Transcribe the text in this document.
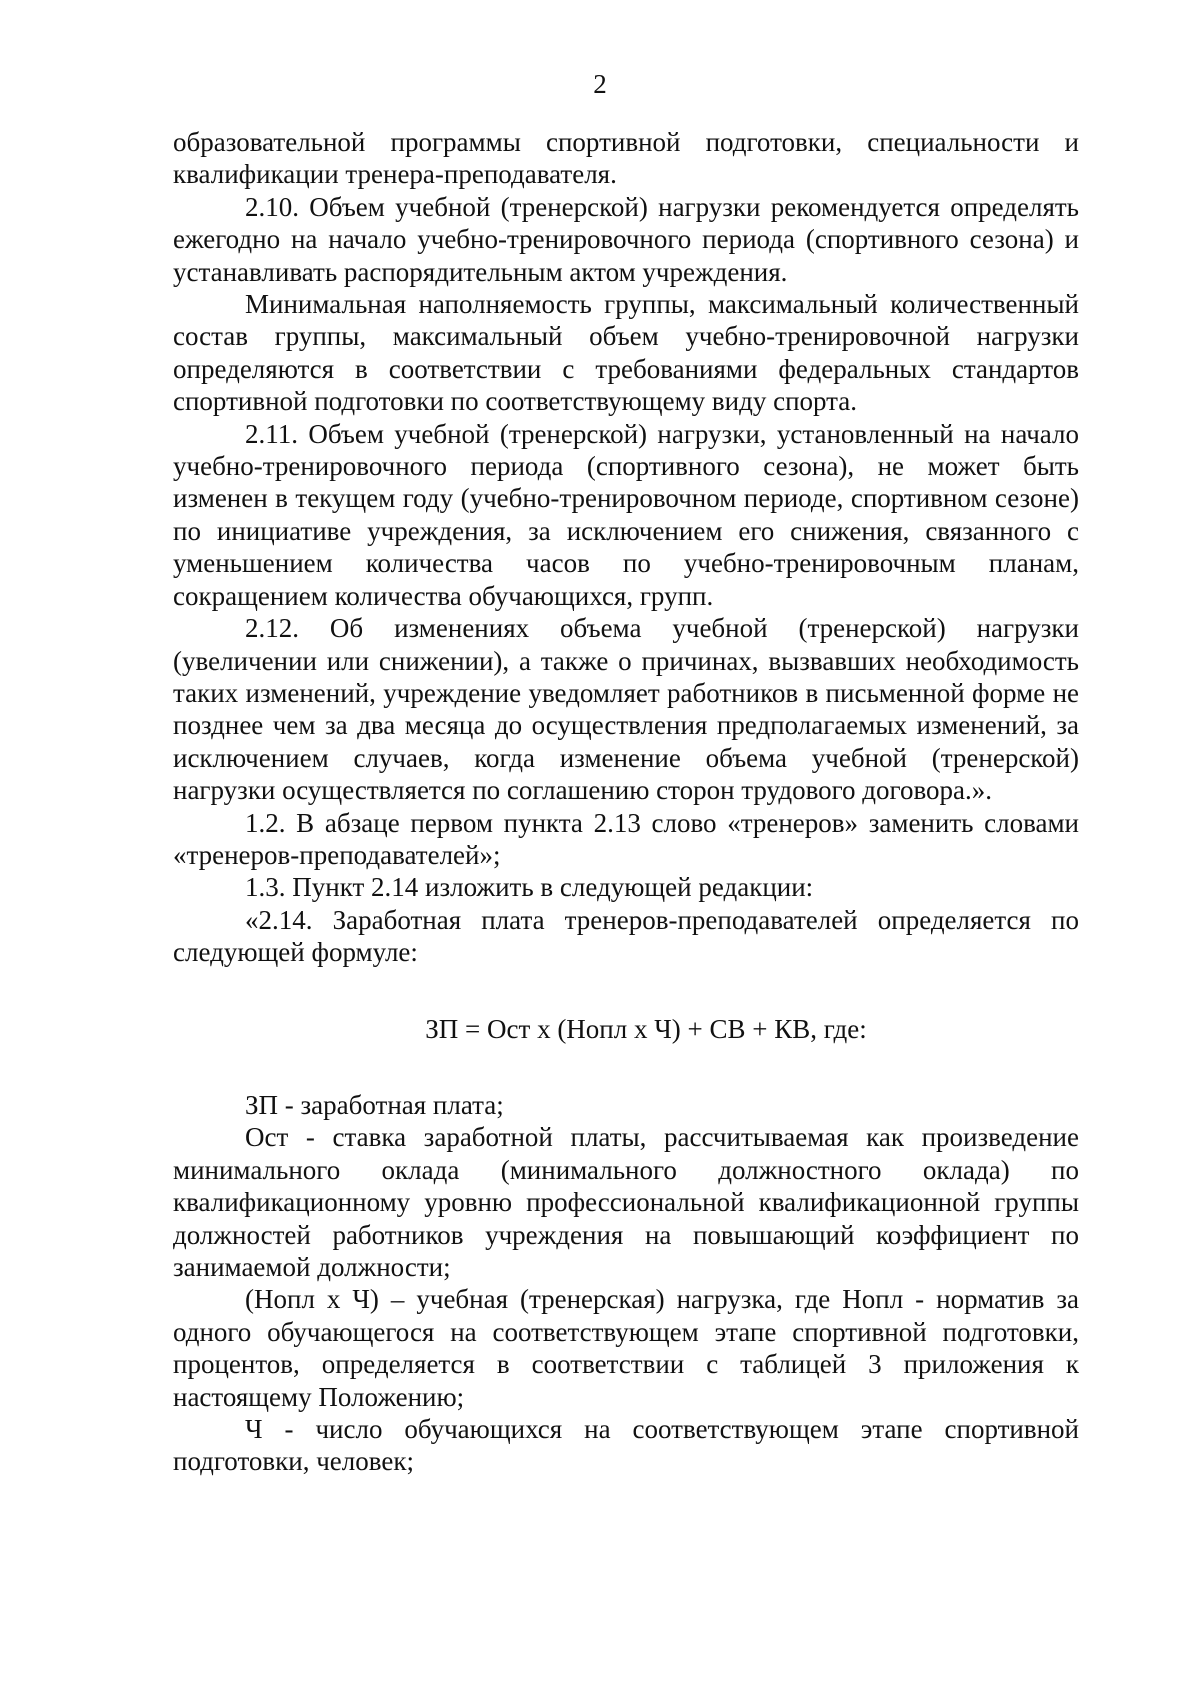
2

образовательной программы спортивной подготовки, специальности и квалификации тренера-преподавателя.

2.10. Объем учебной (тренерской) нагрузки рекомендуется определять ежегодно на начало учебно-тренировочного периода (спортивного сезона) и устанавливать распорядительным актом учреждения.

Минимальная наполняемость группы, максимальный количественный состав группы, максимальный объем учебно-тренировочной нагрузки определяются в соответствии с требованиями федеральных стандартов спортивной подготовки по соответствующему виду спорта.

2.11. Объем учебной (тренерской) нагрузки, установленный на начало учебно-тренировочного периода (спортивного сезона), не может быть изменен в текущем году (учебно-тренировочном периоде, спортивном сезоне) по инициативе учреждения, за исключением его снижения, связанного с уменьшением количества часов по учебно-тренировочным планам, сокращением количества обучающихся, групп.

2.12. Об изменениях объема учебной (тренерской) нагрузки (увеличении или снижении), а также о причинах, вызвавших необходимость таких изменений, учреждение уведомляет работников в письменной форме не позднее чем за два месяца до осуществления предполагаемых изменений, за исключением случаев, когда изменение объема учебной (тренерской) нагрузки осуществляется по соглашению сторон трудового договора.».

1.2. В абзаце первом пункта 2.13 слово «тренеров» заменить словами «тренеров-преподавателей»;

1.3. Пункт 2.14 изложить в следующей редакции:

«2.14. Заработная плата тренеров-преподавателей определяется по следующей формуле:

ЗП = Ост х (Нопл х Ч) + СВ + КВ, где:

ЗП - заработная плата;

Ост - ставка заработной платы, рассчитываемая как произведение минимального оклада (минимального должностного оклада) по квалификационному уровню профессиональной квалификационной группы должностей работников учреждения на повышающий коэффициент по занимаемой должности;

(Нопл х Ч) – учебная (тренерская) нагрузка, где Нопл - норматив за одного обучающегося на соответствующем этапе спортивной подготовки, процентов, определяется в соответствии с таблицей 3 приложения к настоящему Положению;

Ч - число обучающихся на соответствующем этапе спортивной подготовки, человек;
